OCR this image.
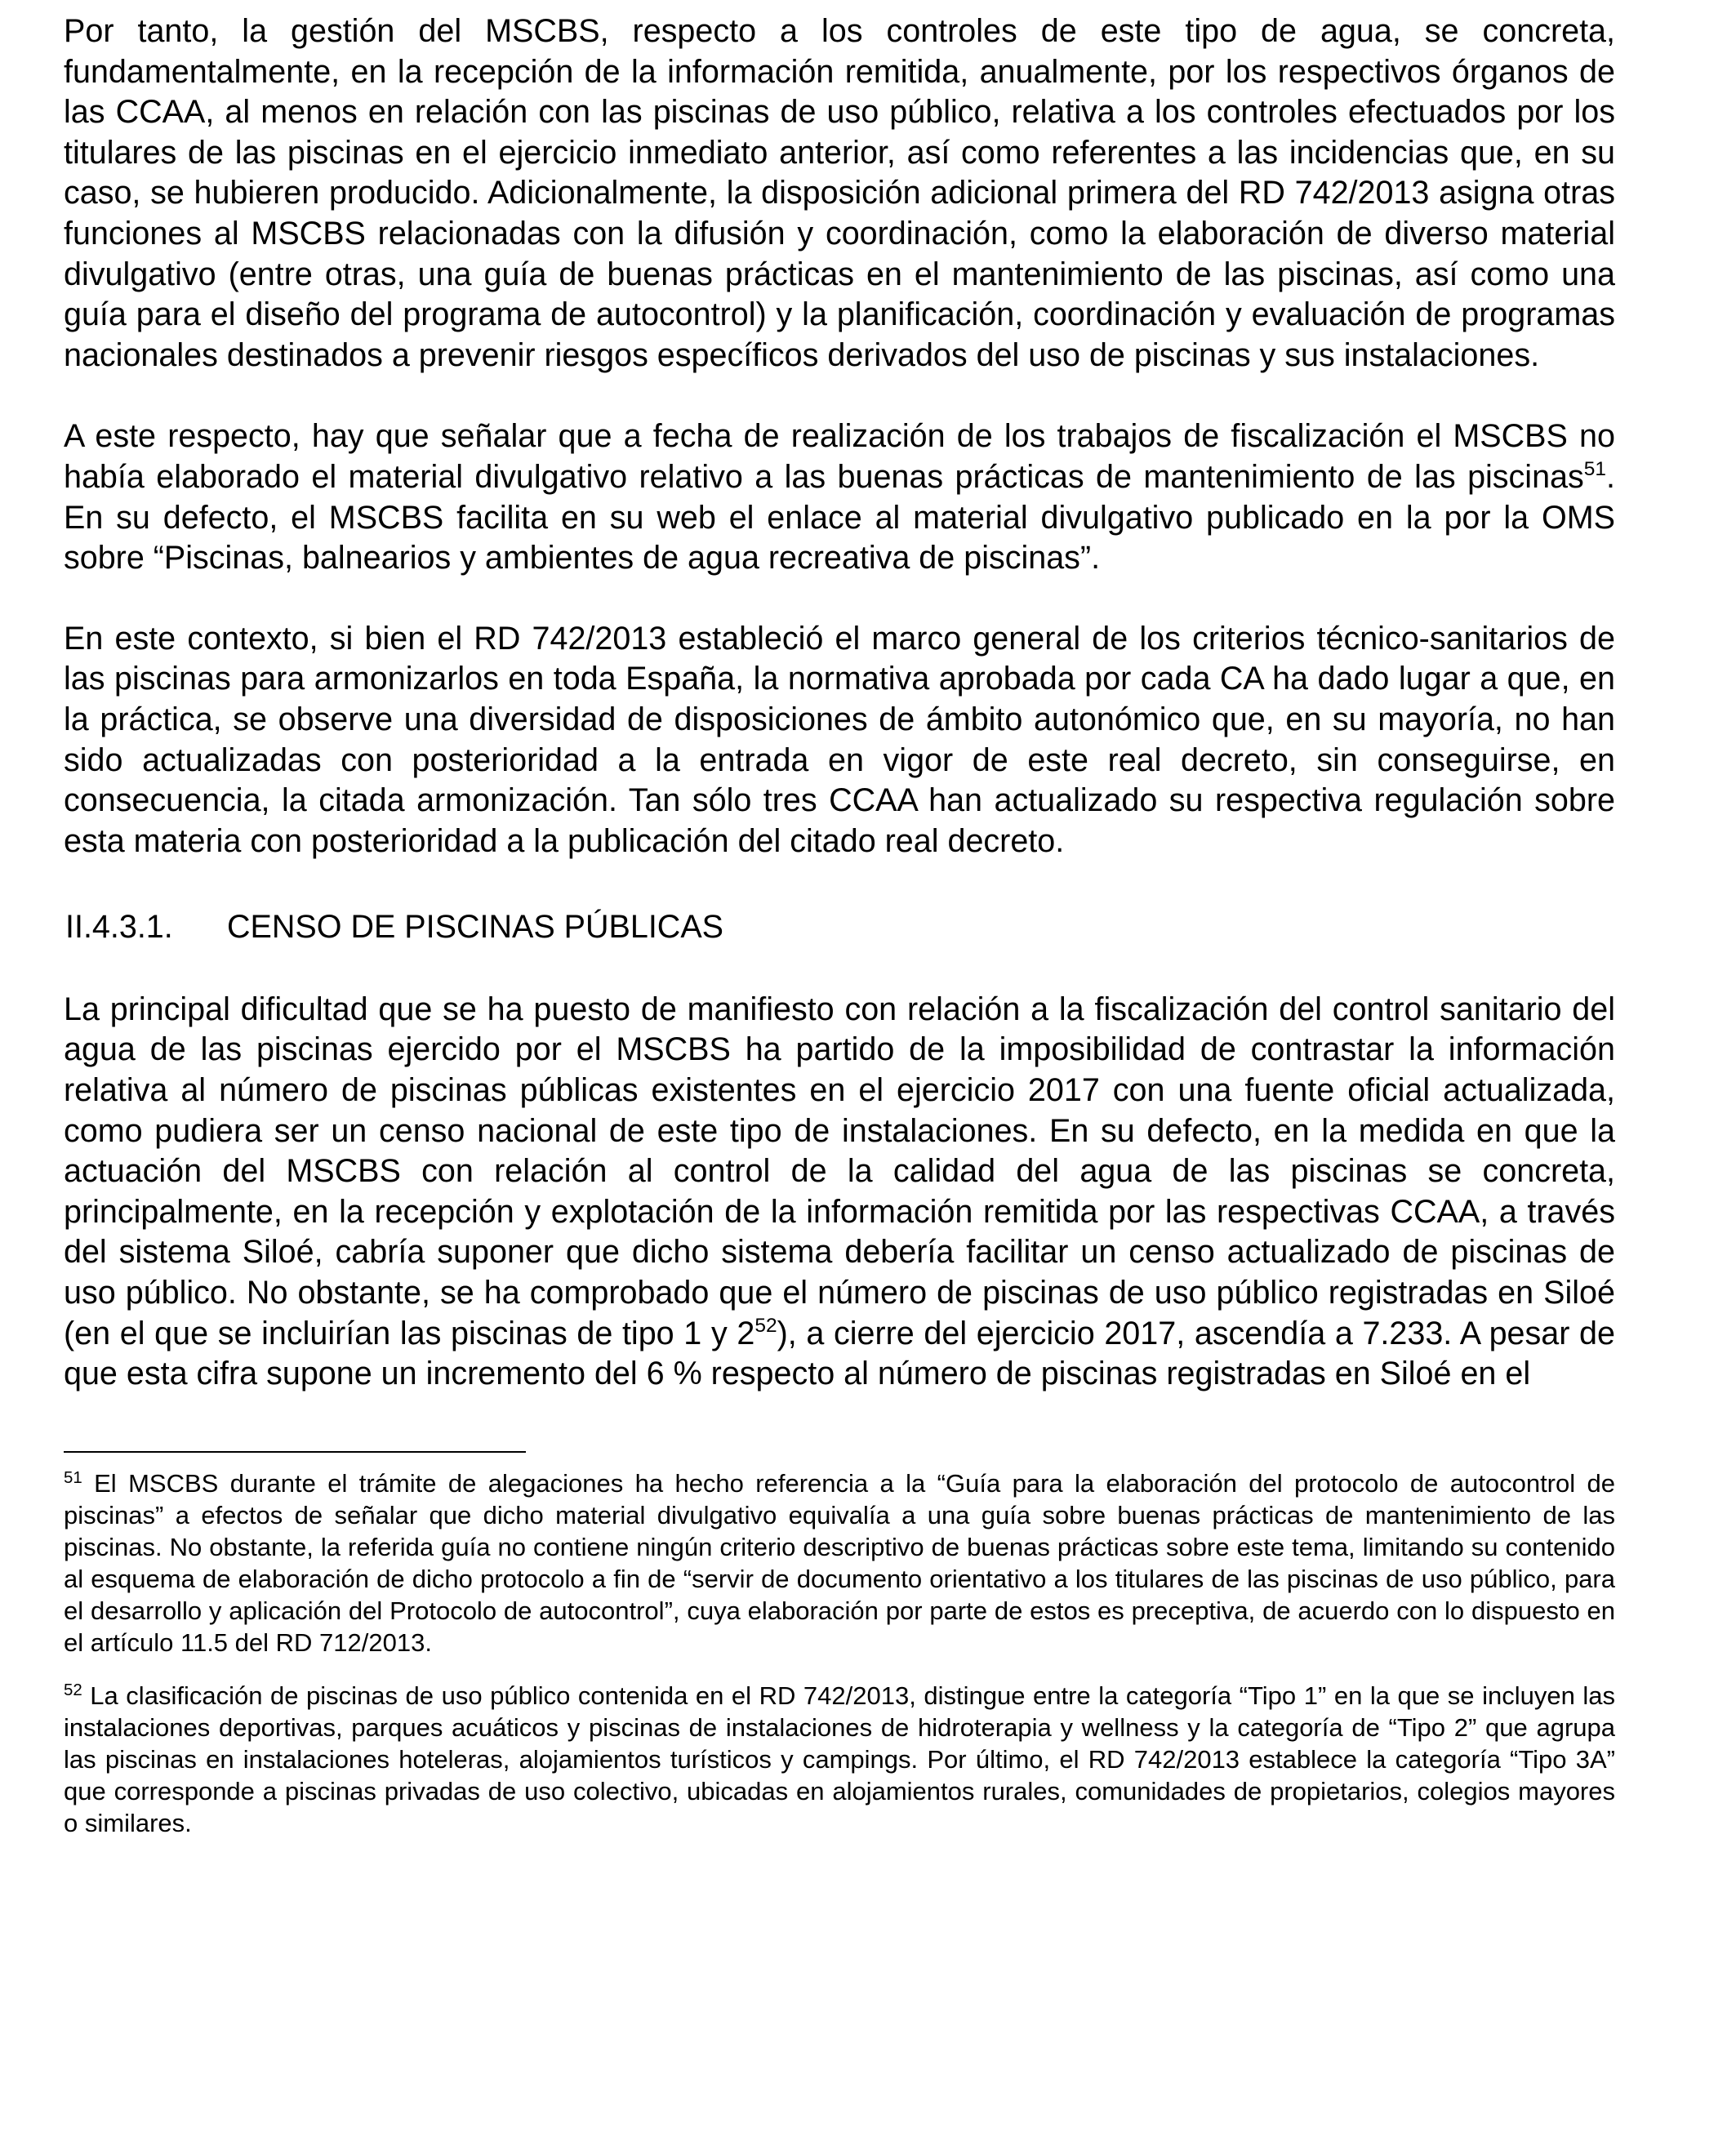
Por tanto, la gestión del MSCBS, respecto a los controles de este tipo de agua, se concreta, fundamentalmente, en la recepción de la información remitida, anualmente, por los respectivos órganos de las CCAA, al menos en relación con las piscinas de uso público, relativa a los controles efectuados por los titulares de las piscinas en el ejercicio inmediato anterior, así como referentes a las incidencias que, en su caso, se hubieren producido. Adicionalmente, la disposición adicional primera del RD 742/2013 asigna otras funciones al MSCBS relacionadas con la difusión y coordinación, como la elaboración de diverso material divulgativo (entre otras, una guía de buenas prácticas en el mantenimiento de las piscinas, así como una guía para el diseño del programa de autocontrol) y la planificación, coordinación y evaluación de programas nacionales destinados a prevenir riesgos específicos derivados del uso de piscinas y sus instalaciones.

A este respecto, hay que señalar que a fecha de realización de los trabajos de fiscalización el MSCBS no había elaborado el material divulgativo relativo a las buenas prácticas de mantenimiento de las piscinas$^{51}$. En su defecto, el MSCBS facilita en su web el enlace al material divulgativo publicado en la por la OMS sobre “Piscinas, balnearios y ambientes de agua recreativa de piscinas”.

En este contexto, si bien el RD 742/2013 estableció el marco general de los criterios técnico-sanitarios de las piscinas para armonizarlos en toda España, la normativa aprobada por cada CA ha dado lugar a que, en la práctica, se observe una diversidad de disposiciones de ámbito autonómico que, en su mayoría, no han sido actualizadas con posterioridad a la entrada en vigor de este real decreto, sin conseguirse, en consecuencia, la citada armonización. Tan sólo tres CCAA han actualizado su respectiva regulación sobre esta materia con posterioridad a la publicación del citado real decreto.

II.4.3.1. CENSO DE PISCINAS PÚBLICAS

La principal dificultad que se ha puesto de manifiesto con relación a la fiscalización del control sanitario del agua de las piscinas ejercido por el MSCBS ha partido de la imposibilidad de contrastar la información relativa al número de piscinas públicas existentes en el ejercicio 2017 con una fuente oficial actualizada, como pudiera ser un censo nacional de este tipo de instalaciones. En su defecto, en la medida en que la actuación del MSCBS con relación al control de la calidad del agua de las piscinas se concreta, principalmente, en la recepción y explotación de la información remitida por las respectivas CCAA, a través del sistema Siloé, cabría suponer que dicho sistema debería facilitar un censo actualizado de piscinas de uso público. No obstante, se ha comprobado que el número de piscinas de uso público registradas en Siloé (en el que se incluirían las piscinas de tipo 1 y $2^{52}$), a cierre del ejercicio 2017, ascendía a 7.233. A pesar de que esta cifra supone un incremento del 6 % respecto al número de piscinas registradas en Siloé en el

$^{51}$ El MSCBS durante el trámite de alegaciones ha hecho referencia a la “Guía para la elaboración del protocolo de autocontrol de piscinas” a efectos de señalar que dicho material divulgativo equivalía a una guía sobre buenas prácticas de mantenimiento de las piscinas. No obstante, la referida guía no contiene ningún criterio descriptivo de buenas prácticas sobre este tema, limitando su contenido al esquema de elaboración de dicho protocolo a fin de “servir de documento orientativo a los titulares de las piscinas de uso público, para el desarrollo y aplicación del Protocolo de autocontrol”, cuya elaboración por parte de estos es preceptiva, de acuerdo con lo dispuesto en el artículo 11.5 del RD 712/2013.

$^{52}$ La clasificación de piscinas de uso público contenida en el RD 742/2013, distingue entre la categoría “Tipo 1” en la que se incluyen las instalaciones deportivas, parques acuáticos y piscinas de instalaciones de hidroterapia y wellness y la categoría de “Tipo 2” que agrupa las piscinas en instalaciones hoteleras, alojamientos turísticos y campings. Por último, el RD 742/2013 establece la categoría “Tipo 3A” que corresponde a piscinas privadas de uso colectivo, ubicadas en alojamientos rurales, comunidades de propietarios, colegios mayores o similares.
